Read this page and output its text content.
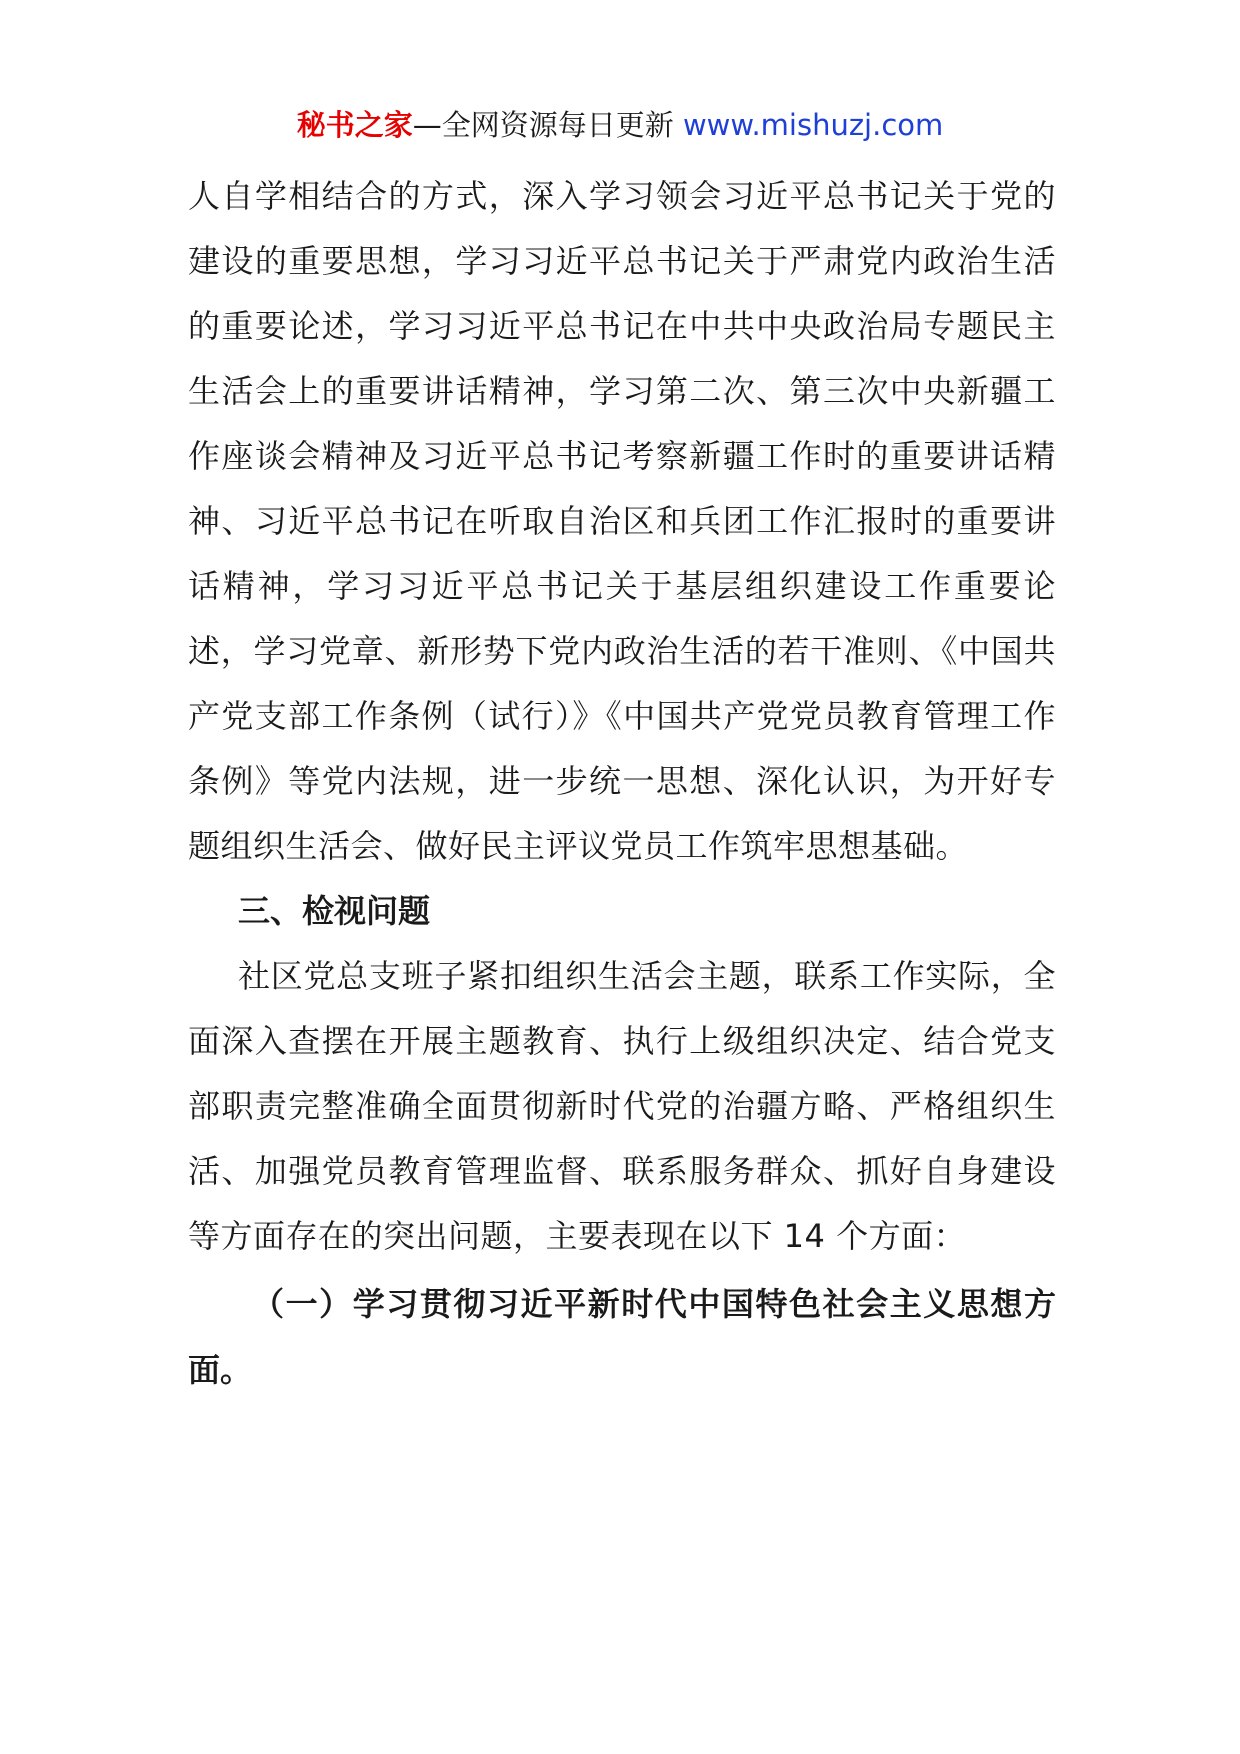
秘书之家—全网资源每日更新 www.mishuzj.com

人自学相结合的方式，深入学习领会习近平总书记关于党的建设的重要思想，学习习近平总书记关于严肃党内政治生活的重要论述，学习习近平总书记在中共中央政治局专题民主生活会上的重要讲话精神，学习第二次、第三次中央新疆工作座谈会精神及习近平总书记考察新疆工作时的重要讲话精神、习近平总书记在听取自治区和兵团工作汇报时的重要讲话精神，学习习近平总书记关于基层组织建设工作重要论述，学习党章、新形势下党内政治生活的若干准则、《中国共产党支部工作条例（试行）》《中国共产党党员教育管理工作条例》等党内法规，进一步统一思想、深化认识，为开好专题组织生活会、做好民主评议党员工作筑牢思想基础。

三、检视问题

社区党总支班子紧扣组织生活会主题，联系工作实际，全面深入查摆在开展主题教育、执行上级组织决定、结合党支部职责完整准确全面贯彻新时代党的治疆方略、严格组织生活、加强党员教育管理监督、联系服务群众、抓好自身建设等方面存在的突出问题，主要表现在以下 14 个方面：

（一）学习贯彻习近平新时代中国特色社会主义思想方面。
